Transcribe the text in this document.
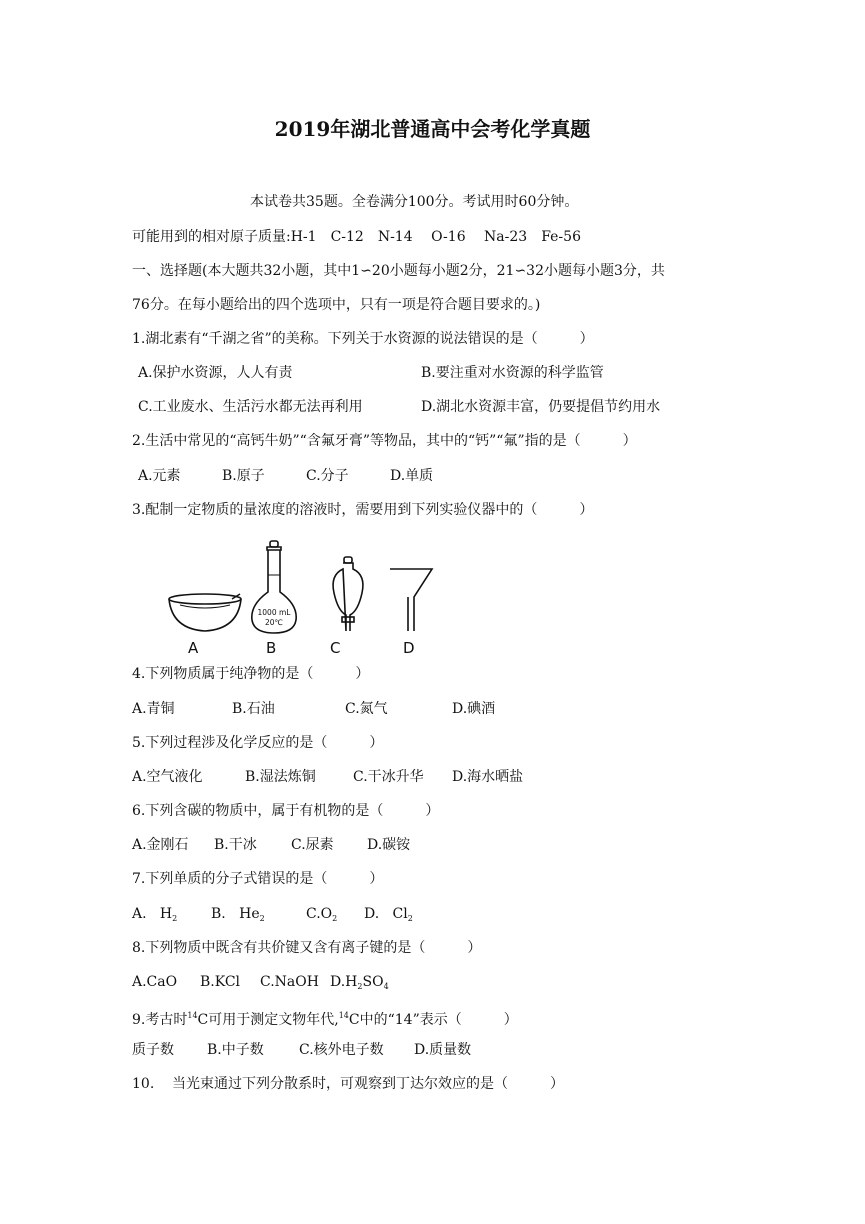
2019年湖北普通高中会考化学真题
本试卷共35题。全卷满分100分。考试用时60分钟。
可能用到的相对原子质量:H-1　C-12　N-14　 O-16　 Na-23　Fe-56
一、选择题(本大题共32小题，其中1∽20小题每小题2分，21∽32小题每小题3分，共
76分。在每小题给出的四个选项中，只有一项是符合题目要求的。)
1.湖北素有“千湖之省”的美称。下列关于水资源的说法错误的是（　　　）
A.保护水资源，人人有责	B.要注重对水资源的科学监管
C.工业废水、生活污水都无法再利用	D.湖北水资源丰富，仍要提倡节约用水
2.生活中常见的“高钙牛奶”“含氟牙膏”等物品，其中的“钙”“氟”指的是（　　　）
A.元素	B.原子	C.分子	D.单质
3.配制一定物质的量浓度的溶液时，需要用到下列实验仪器中的（　　　）
1000 mL
20℃
A	B	C	D
4.下列物质属于纯净物的是（　　　）
A.青铜	B.石油	C.氮气	D.碘酒
5.下列过程涉及化学反应的是（　　　）
A.空气液化	B.湿法炼铜	C.干冰升华 D.海水晒盐
6.下列含碳的物质中，属于有机物的是（　　　）
A.金刚石 B.干冰 C.尿素 D.碳铵
7.下列单质的分子式错误的是（　　　）
A. $H_2$ B. $He_2$	$C.O_2$ D. $Cl_2$
8.下列物质中既含有共价键又含有离子键的是（　　　）
A.CaO B.KCl C.NaOH $D.H_2SO_4$
9.考古时$^{14}$C可用于测定文物年代,$^{14}$C中的“14”表示（　　　）
质子数 B.中子数	C.核外电子数 D.质量数
10. 当光束通过下列分散系时，可观察到丁达尔效应的是（　　　）
